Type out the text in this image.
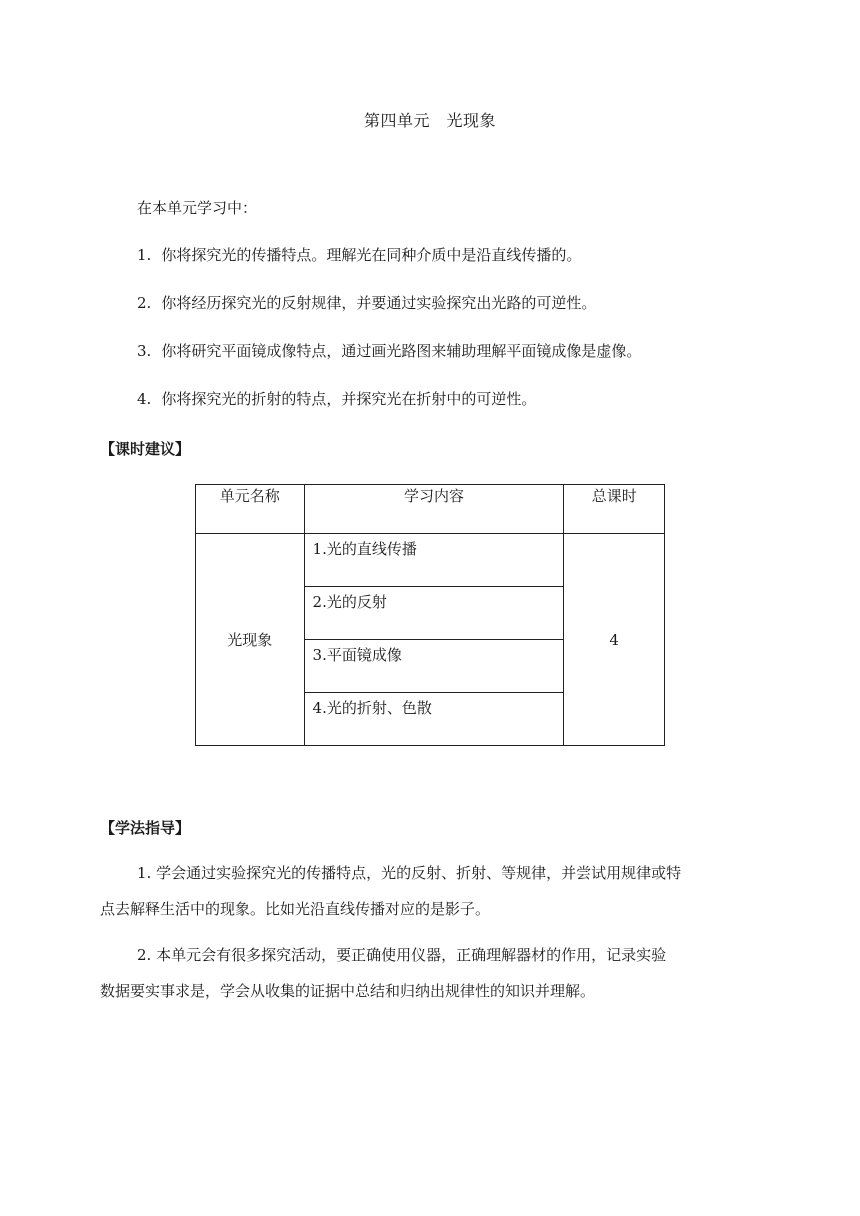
第四单元　光现象
在本单元学习中：
1. 你将探究光的传播特点。理解光在同种介质中是沿直线传播的。
2. 你将经历探究光的反射规律，并要通过实验探究出光路的可逆性。
3. 你将研究平面镜成像特点，通过画光路图来辅助理解平面镜成像是虚像。
4. 你将探究光的折射的特点，并探究光在折射中的可逆性。
【课时建议】
单元名称	学习内容	总课时
光现象	1.光的直线传播	4
	2.光的反射	
	3.平面镜成像	
	4.光的折射、色散	
【学法指导】
1. 学会通过实验探究光的传播特点，光的反射、折射、等规律，并尝试用规律或特
点去解释生活中的现象。比如光沿直线传播对应的是影子。
2. 本单元会有很多探究活动，要正确使用仪器，正确理解器材的作用，记录实验
数据要实事求是，学会从收集的证据中总结和归纳出规律性的知识并理解。
